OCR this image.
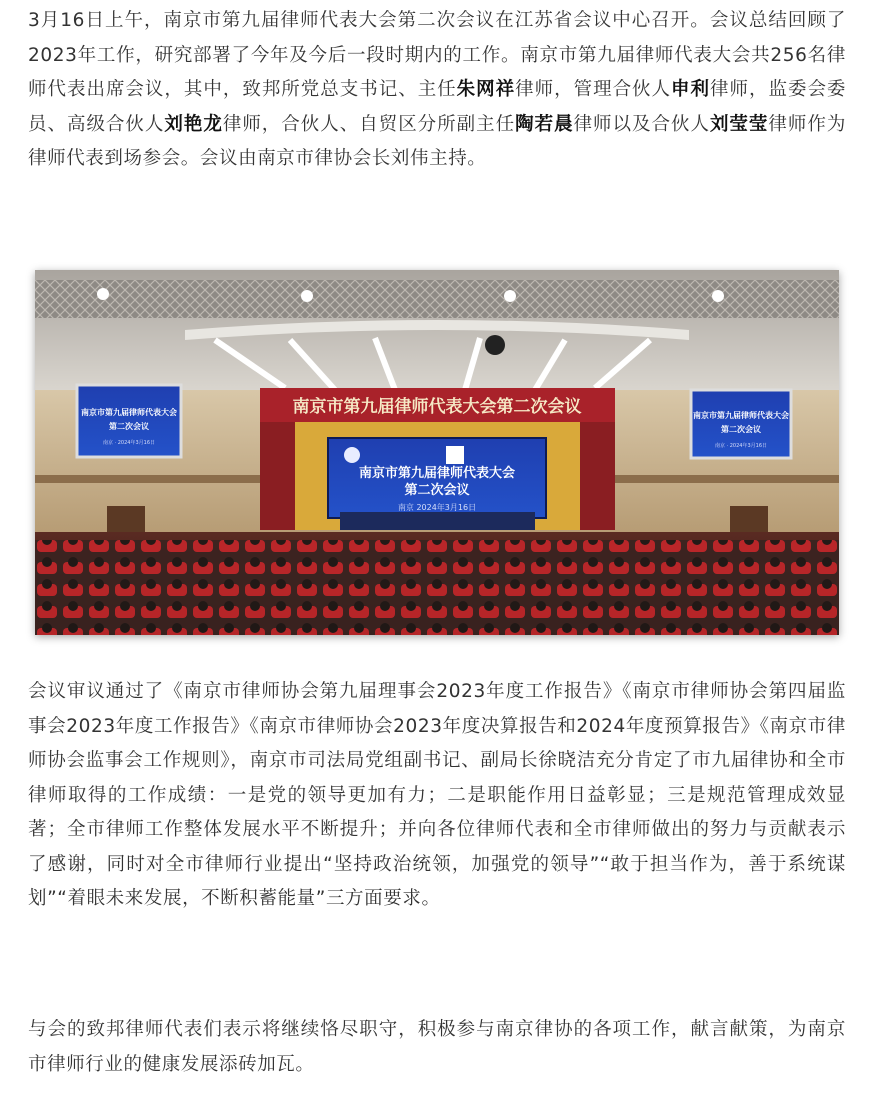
3月16日上午，南京市第九届律师代表大会第二次会议在江苏省会议中心召开。会议总结回顾了2023年工作，研究部署了今年及今后一段时期内的工作。南京市第九届律师代表大会共256名律师代表出席会议，其中，致邦所党总支书记、主任朱网祥律师，管理合伙人申利律师，监委会委员、高级合伙人刘艳龙律师，合伙人、自贸区分所副主任陶若晨律师以及合伙人刘莹莹律师作为律师代表到场参会。会议由南京市律协会长刘伟主持。

南京市第九届律师代表大会第二次会议
南京市第九届律师代表大会
第二次会议
南京 2024年3月16日
南京市第九届律师代表大会
第二次会议
南京 · 2024年3月16日
南京市第九届律师代表大会
第二次会议
南京 · 2024年3月16日

会议审议通过了《南京市律师协会第九届理事会2023年度工作报告》《南京市律师协会第四届监事会2023年度工作报告》《南京市律师协会2023年度决算报告和2024年度预算报告》《南京市律师协会监事会工作规则》，南京市司法局党组副书记、副局长徐晓洁充分肯定了市九届律协和全市律师取得的工作成绩：一是党的领导更加有力；二是职能作用日益彰显；三是规范管理成效显著；全市律师工作整体发展水平不断提升；并向各位律师代表和全市律师做出的努力与贡献表示了感谢，同时对全市律师行业提出“坚持政治统领，加强党的领导”“敢于担当作为，善于系统谋划”“着眼未来发展，不断积蓄能量”三方面要求。

与会的致邦律师代表们表示将继续恪尽职守，积极参与南京律协的各项工作，献言献策，为南京市律师行业的健康发展添砖加瓦。
